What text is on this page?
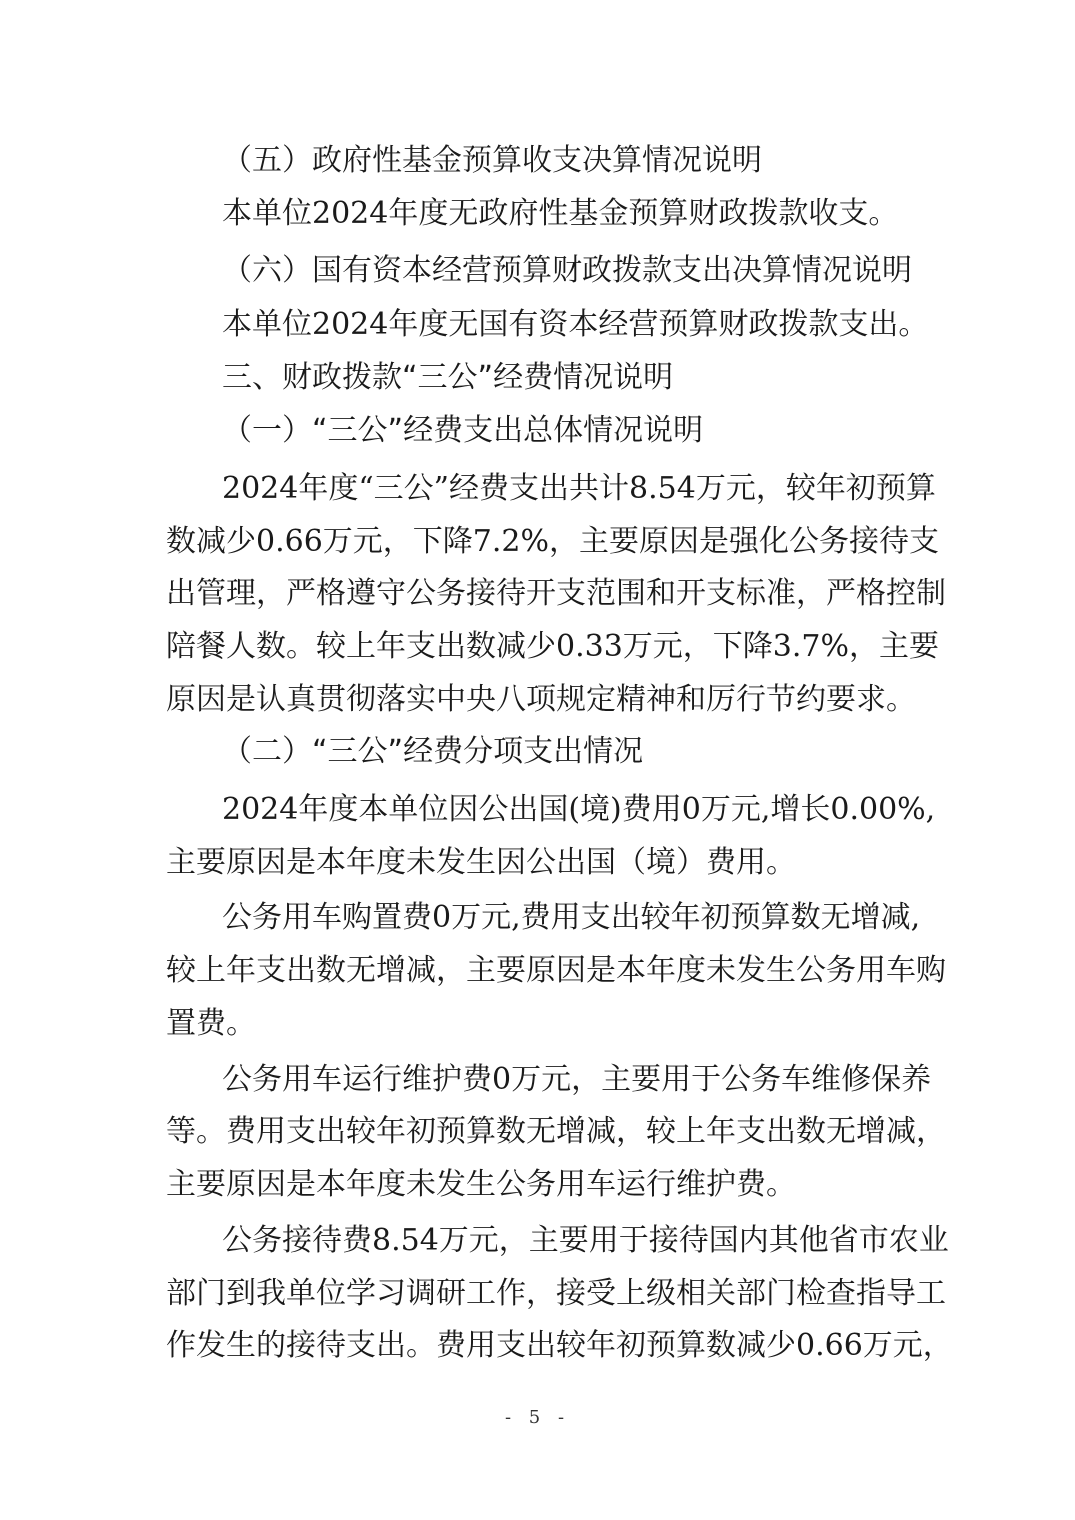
（五）政府性基金预算收支决算情况说明
本单位2024年度无政府性基金预算财政拨款收支。
（六）国有资本经营预算财政拨款支出决算情况说明
本单位2024年度无国有资本经营预算财政拨款支出。
三、财政拨款“三公”经费情况说明
（一）“三公”经费支出总体情况说明
2024年度“三公”经费支出共计8.54万元，较年初预算
数减少0.66万元，下降7.2%，主要原因是强化公务接待支
出管理，严格遵守公务接待开支范围和开支标准，严格控制
陪餐人数。较上年支出数减少0.33万元，下降3.7%，主要
原因是认真贯彻落实中央八项规定精神和厉行节约要求。
（二）“三公”经费分项支出情况
2024年度本单位因公出国(境)费用0万元,增长0.00%,
主要原因是本年度未发生因公出国（境）费用。
公务用车购置费0万元,费用支出较年初预算数无增减,
较上年支出数无增减，主要原因是本年度未发生公务用车购
置费。
公务用车运行维护费0万元，主要用于公务车维修保养
等。费用支出较年初预算数无增减，较上年支出数无增减，
主要原因是本年度未发生公务用车运行维护费。
公务接待费8.54万元，主要用于接待国内其他省市农业
部门到我单位学习调研工作，接受上级相关部门检查指导工
作发生的接待支出。费用支出较年初预算数减少0.66万元，
- 5 -
